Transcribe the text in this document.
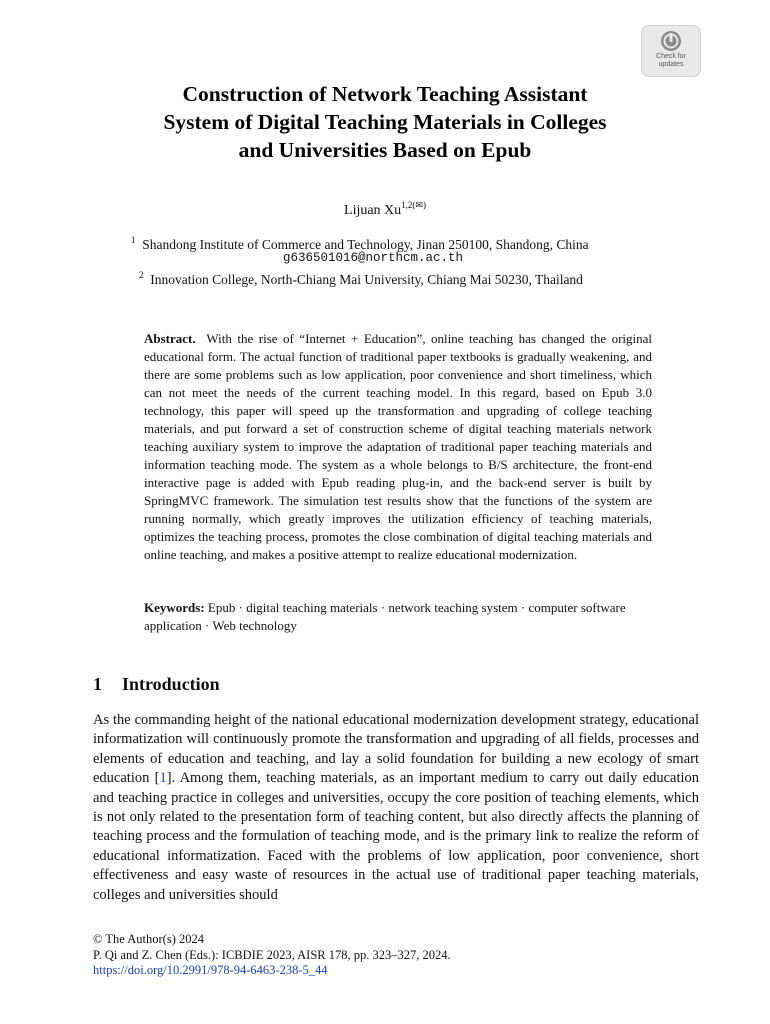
Check for
updates
Construction of Network Teaching Assistant
System of Digital Teaching Materials in Colleges
and Universities Based on Epub
Lijuan $Xu^{1,2(✉)}$
$^1$ Shandong Institute of Commerce and Technology, Jinan 250100, Shandong, China
g636501016@northcm.ac.th
$^2$ Innovation College, North-Chiang Mai University, Chiang Mai 50230, Thailand
Abstract. With the rise of “Internet + Education”, online teaching has changed the original educational form. The actual function of traditional paper textbooks is gradually weakening, and there are some problems such as low application, poor convenience and short timeliness, which can not meet the needs of the current teaching model. In this regard, based on Epub 3.0 technology, this paper will speed up the transformation and upgrading of college teaching materials, and put forward a set of construction scheme of digital teaching materials network teaching auxiliary system to improve the adaptation of traditional paper teaching materials and information teaching mode. The system as a whole belongs to B/S architecture, the front-end interactive page is added with Epub reading plug-in, and the back-end server is built by SpringMVC framework. The simulation test results show that the functions of the system are running normally, which greatly improves the utilization efficiency of teaching materials, optimizes the teaching process, promotes the close combination of digital teaching materials and online teaching, and makes a positive attempt to realize educational modernization.
Keywords: Epub · digital teaching materials · network teaching system · computer software application · Web technology
1 Introduction
As the commanding height of the national educational modernization development strategy, educational informatization will continuously promote the transformation and upgrading of all fields, processes and elements of education and teaching, and lay a solid foundation for building a new ecology of smart education [1]. Among them, teaching materials, as an important medium to carry out daily education and teaching practice in colleges and universities, occupy the core position of teaching elements, which is not only related to the presentation form of teaching content, but also directly affects the planning of teaching process and the formulation of teaching mode, and is the primary link to realize the reform of educational informatization. Faced with the problems of low application, poor convenience, short effectiveness and easy waste of resources in the actual use of traditional paper teaching materials, colleges and universities should
© The Author(s) 2024
P. Qi and Z. Chen (Eds.): ICBDIE 2023, AISR 178, pp. 323–327, 2024.
https://doi.org/10.2991/978-94-6463-238-5_44
